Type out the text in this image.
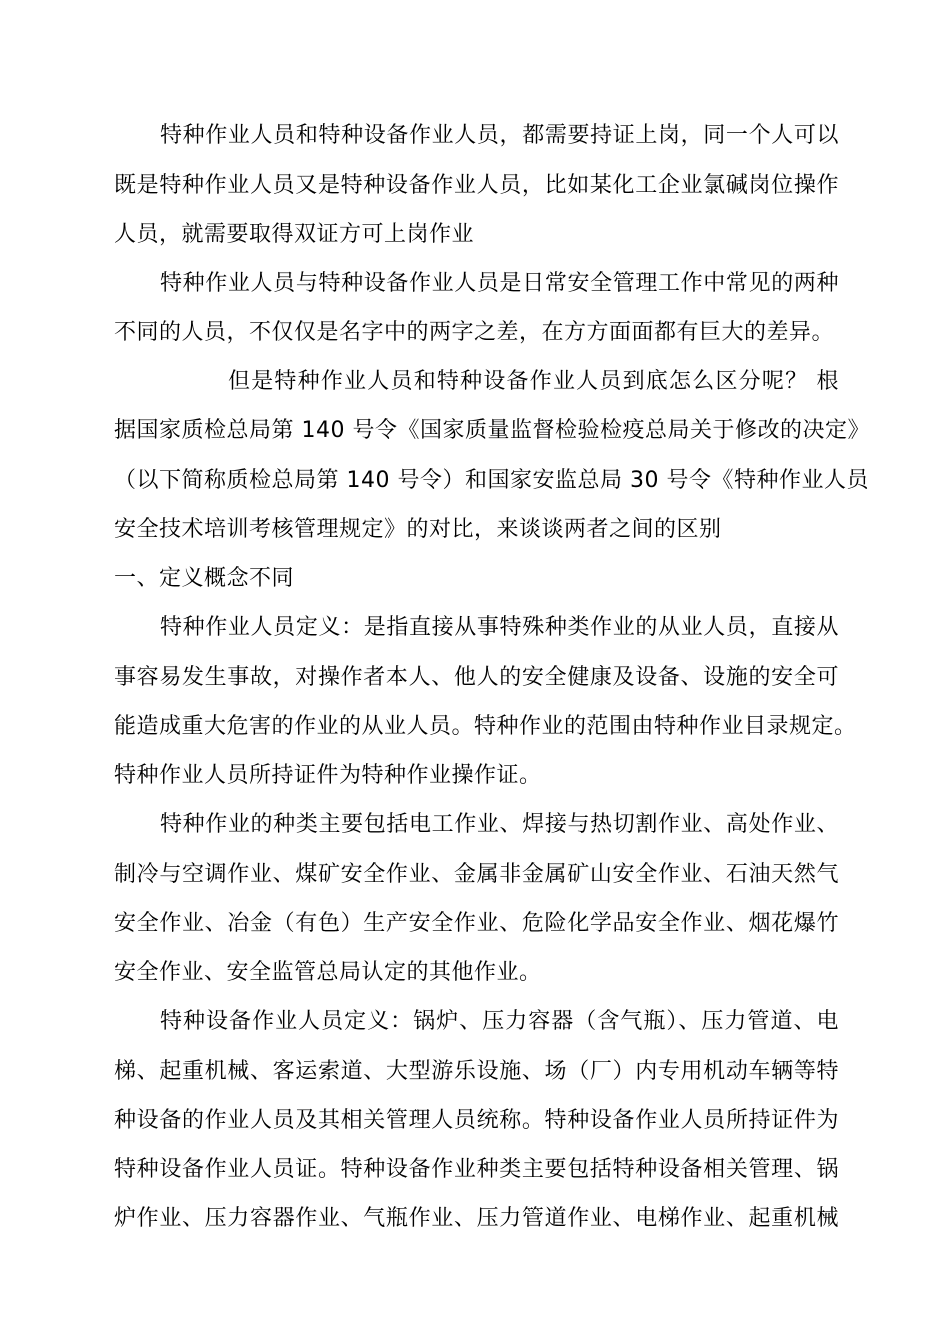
特种作业人员和特种设备作业人员，都需要持证上岗，同一个人可以
既是特种作业人员又是特种设备作业人员，比如某化工企业氯碱岗位操作
人员，就需要取得双证方可上岗作业
特种作业人员与特种设备作业人员是日常安全管理工作中常见的两种
不同的人员，不仅仅是名字中的两字之差，在方方面面都有巨大的差异。
但是特种作业人员和特种设备作业人员到底怎么区分呢？ 根
据国家质检总局第 140 号令《国家质量监督检验检疫总局关于修改的决定》
（以下简称质检总局第 140 号令）和国家安监总局 30 号令《特种作业人员
安全技术培训考核管理规定》的对比，来谈谈两者之间的区别
一、定义概念不同
特种作业人员定义：是指直接从事特殊种类作业的从业人员，直接从
事容易发生事故，对操作者本人、他人的安全健康及设备、设施的安全可
能造成重大危害的作业的从业人员。特种作业的范围由特种作业目录规定。
特种作业人员所持证件为特种作业操作证。
特种作业的种类主要包括电工作业、焊接与热切割作业、高处作业、
制冷与空调作业、煤矿安全作业、金属非金属矿山安全作业、石油天然气
安全作业、冶金（有色）生产安全作业、危险化学品安全作业、烟花爆竹
安全作业、安全监管总局认定的其他作业。
特种设备作业人员定义：锅炉、压力容器（含气瓶）、压力管道、电
梯、起重机械、客运索道、大型游乐设施、场（厂）内专用机动车辆等特
种设备的作业人员及其相关管理人员统称。特种设备作业人员所持证件为
特种设备作业人员证。特种设备作业种类主要包括特种设备相关管理、锅
炉作业、压力容器作业、气瓶作业、压力管道作业、电梯作业、起重机械
